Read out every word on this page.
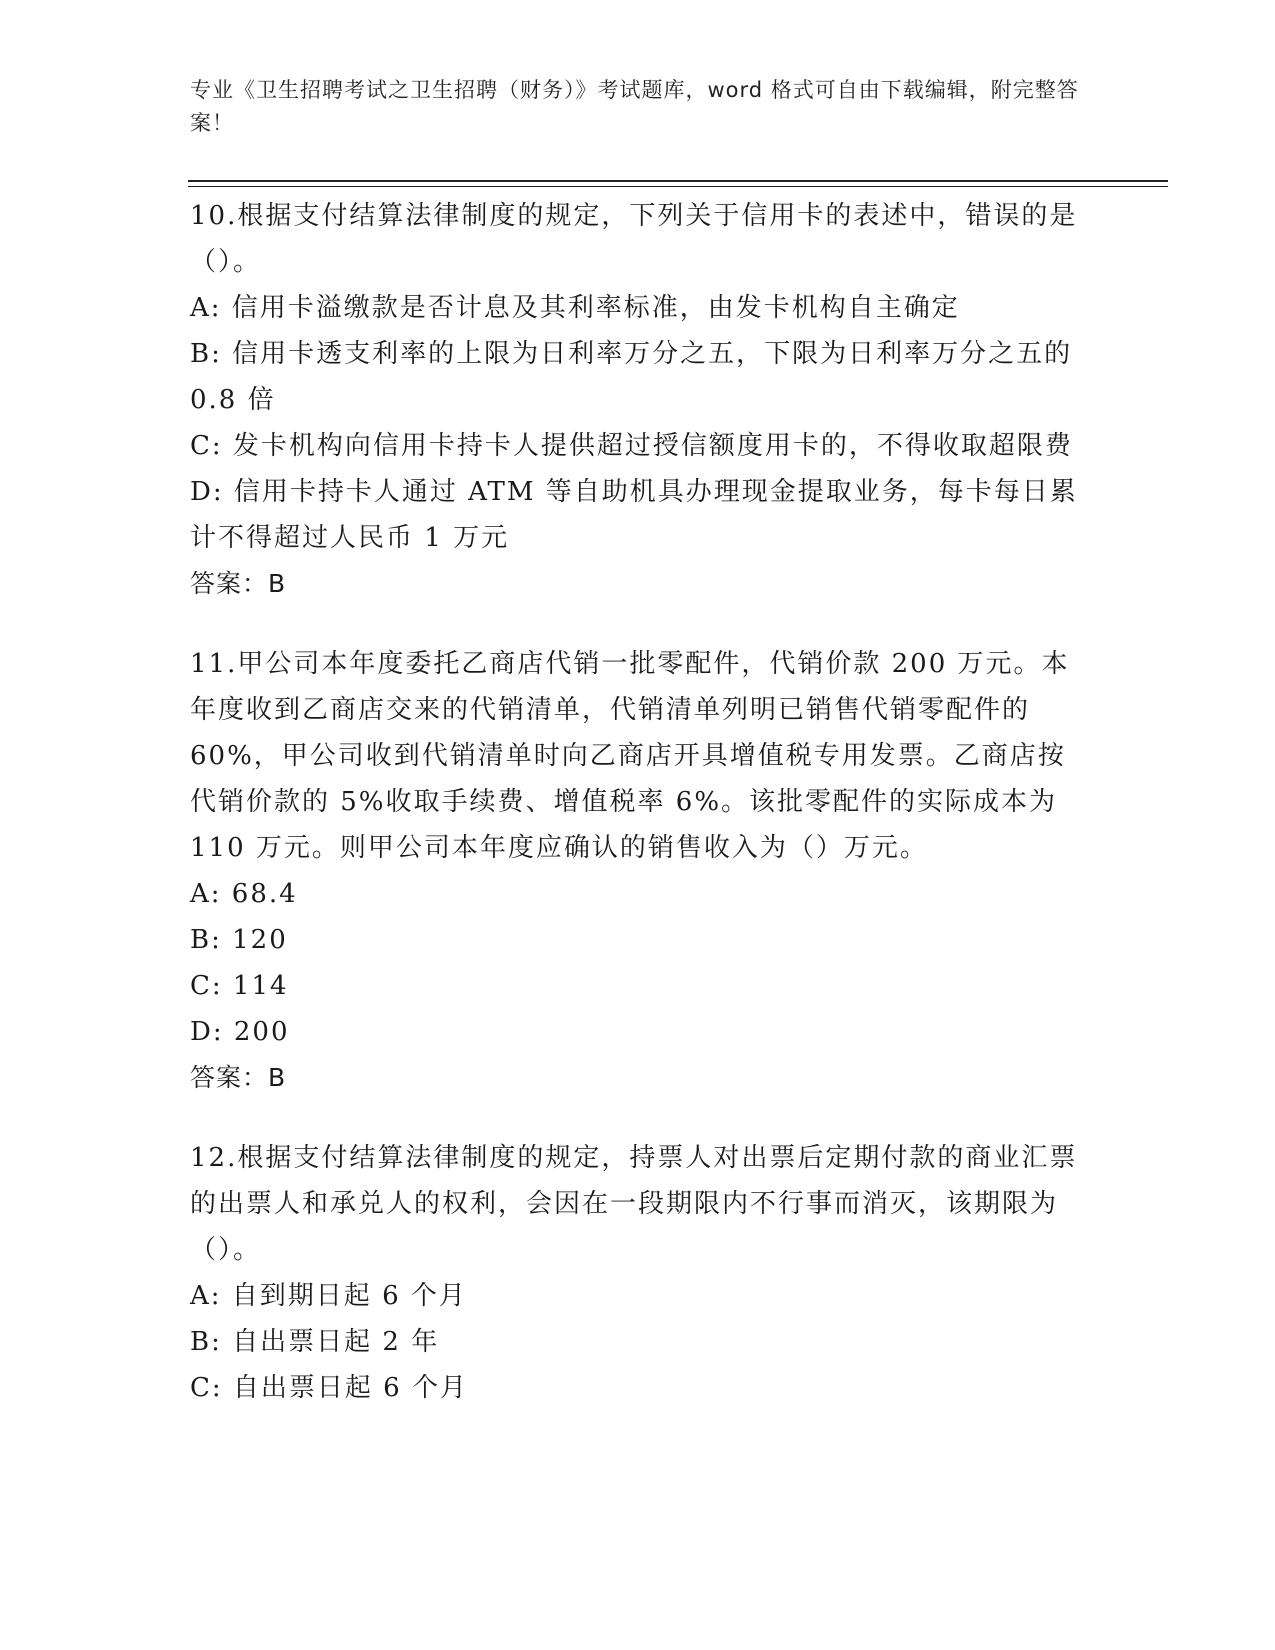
专业《卫生招聘考试之卫生招聘（财务）》考试题库，word 格式可自由下载编辑，附完整答案！

10.根据支付结算法律制度的规定，下列关于信用卡的表述中，错误的是（）。

A: 信用卡溢缴款是否计息及其利率标准，由发卡机构自主确定

B: 信用卡透支利率的上限为日利率万分之五，下限为日利率万分之五的 0.8 倍

C: 发卡机构向信用卡持卡人提供超过授信额度用卡的，不得收取超限费

D: 信用卡持卡人通过 ATM 等自助机具办理现金提取业务，每卡每日累计不得超过人民币 1 万元

答案：B

11.甲公司本年度委托乙商店代销一批零配件，代销价款 200 万元。本年度收到乙商店交来的代销清单，代销清单列明已销售代销零配件的 60%，甲公司收到代销清单时向乙商店开具增值税专用发票。乙商店按代销价款的 5%收取手续费、增值税率 6%。该批零配件的实际成本为 110 万元。则甲公司本年度应确认的销售收入为（）万元。

A: 68.4

B: 120

C: 114

D: 200

答案：B

12.根据支付结算法律制度的规定，持票人对出票后定期付款的商业汇票的出票人和承兑人的权利，会因在一段期限内不行事而消灭，该期限为（）。

A: 自到期日起 6 个月

B: 自出票日起 2 年

C: 自出票日起 6 个月
